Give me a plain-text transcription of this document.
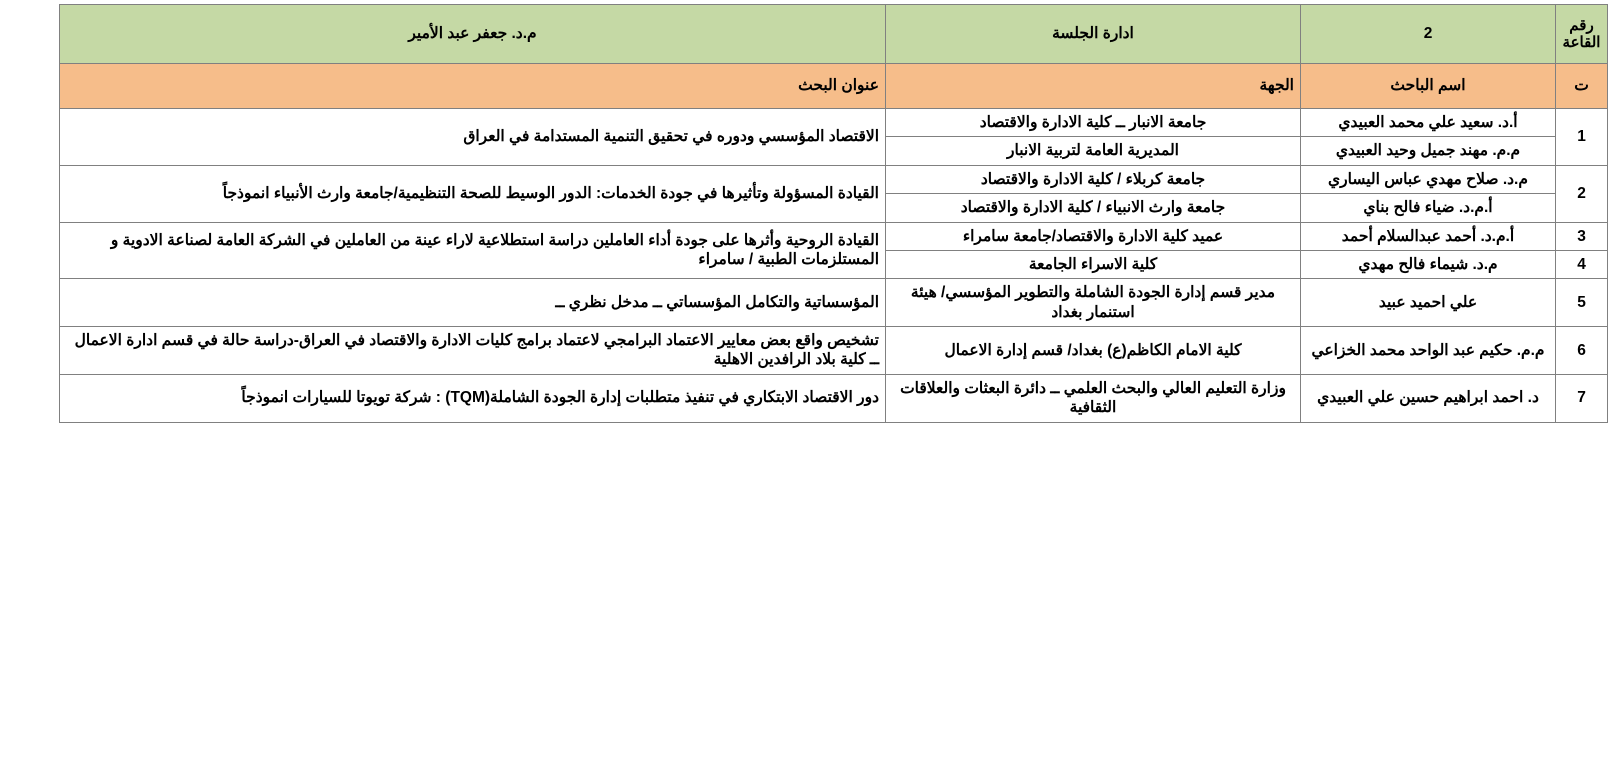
رقم القاعة	2	ادارة الجلسة	م.د. جعفر عبد الأمير
ت	اسم الباحث	الجهة	عنوان البحث
1	أ.د. سعيد علي محمد العبيدي	جامعة الانبار ــ كلية الادارة والاقتصاد	الاقتصاد المؤسسي ودوره في تحقيق التنمية المستدامة في العراق
	م.م. مهند جميل وحيد العبيدي	المديرية العامة لتربية الانبار	
2	م.د. صلاح مهدي عباس اليساري	جامعة كربلاء / كلية الادارة والاقتصاد	القيادة المسؤولة وتأثيرها في جودة الخدمات: الدور الوسيط للصحة التنظيمية/جامعة وارث الأنبياء انموذجاً
	أ.م.د. ضياء فالح بناي	جامعة وارث الانبياء / كلية الادارة والاقتصاد	
3	أ.م.د. أحمد عبدالسلام أحمد	عميد كلية الادارة والاقتصاد/جامعة سامراء	القيادة الروحية وأثرها على جودة أداء العاملين دراسة استطلاعية لاراء عينة من العاملين في الشركة العامة لصناعة الادوية و المستلزمات الطبية / سامراء
4	م.د. شيماء فالح مهدي	كلية الاسراء الجامعة	
5	علي احميد عبيد	مدير قسم إدارة الجودة الشاملة والتطوير المؤسسي/ هيئة استنمار بغداد	المؤسساتية والتكامل المؤسساتي ــ مدخل نظري ــ
6	م.م. حكيم عبد الواحد محمد الخزاعي	كلية الامام الكاظم(ع) بغداد/ قسم إدارة الاعمال	تشخيص واقع بعض معايير الاعتماد البرامجي لاعتماد برامج كليات الادارة والاقتصاد في العراق-دراسة حالة في قسم ادارة الاعمال ــ كلية بلاد الرافدين الاهلية
7	د. احمد ابراهيم حسين علي العبيدي	وزارة التعليم العالي والبحث العلمي ــ دائرة البعثات والعلاقات الثقافية	دور الاقتصاد الابتكاري في تنفيذ متطلبات إدارة الجودة الشاملة(TQM) : شركة تويوتا للسيارات انموذجاً
